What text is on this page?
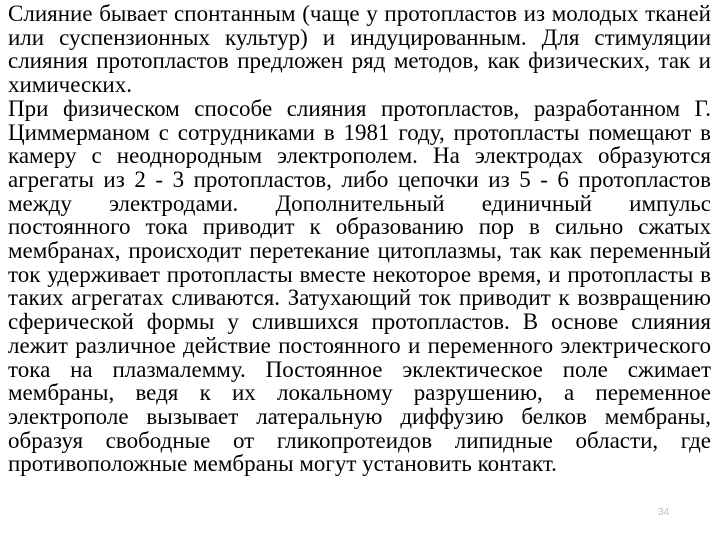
Слияние бывает спонтанным (чаще у протопластов из молодых тканей или суспензионных культур) и индуцированным. Для стимуляции слияния протопластов предложен ряд методов, как физических, так и химических.

При физическом способе слияния протопластов, разработанном Г. Циммерманом с сотрудниками в 1981 году, протопласты помещают в камеру с неоднородным электрополем. На электродах образуются агрегаты из 2 - 3 протопластов, либо цепочки из 5 - 6 протопластов между электродами. Дополнительный единичный импульс постоянного тока приводит к образованию пор в сильно сжатых мембранах, происходит перетекание цитоплазмы, так как переменный ток удерживает протопласты вместе некоторое время, и протопласты в таких агрегатах сливаются. Затухающий ток приводит к возвращению сферической формы у слившихся протопластов. В основе слияния лежит различное действие постоянного и переменного электрического тока на плазмалемму. Постоянное эклектическое поле сжимает мембраны, ведя к их локальному разрушению, а переменное электрополе вызывает латеральную диффузию белков мембраны, образуя свободные от гликопротеидов липидные области, где противоположные мембраны могут установить контакт.

34
